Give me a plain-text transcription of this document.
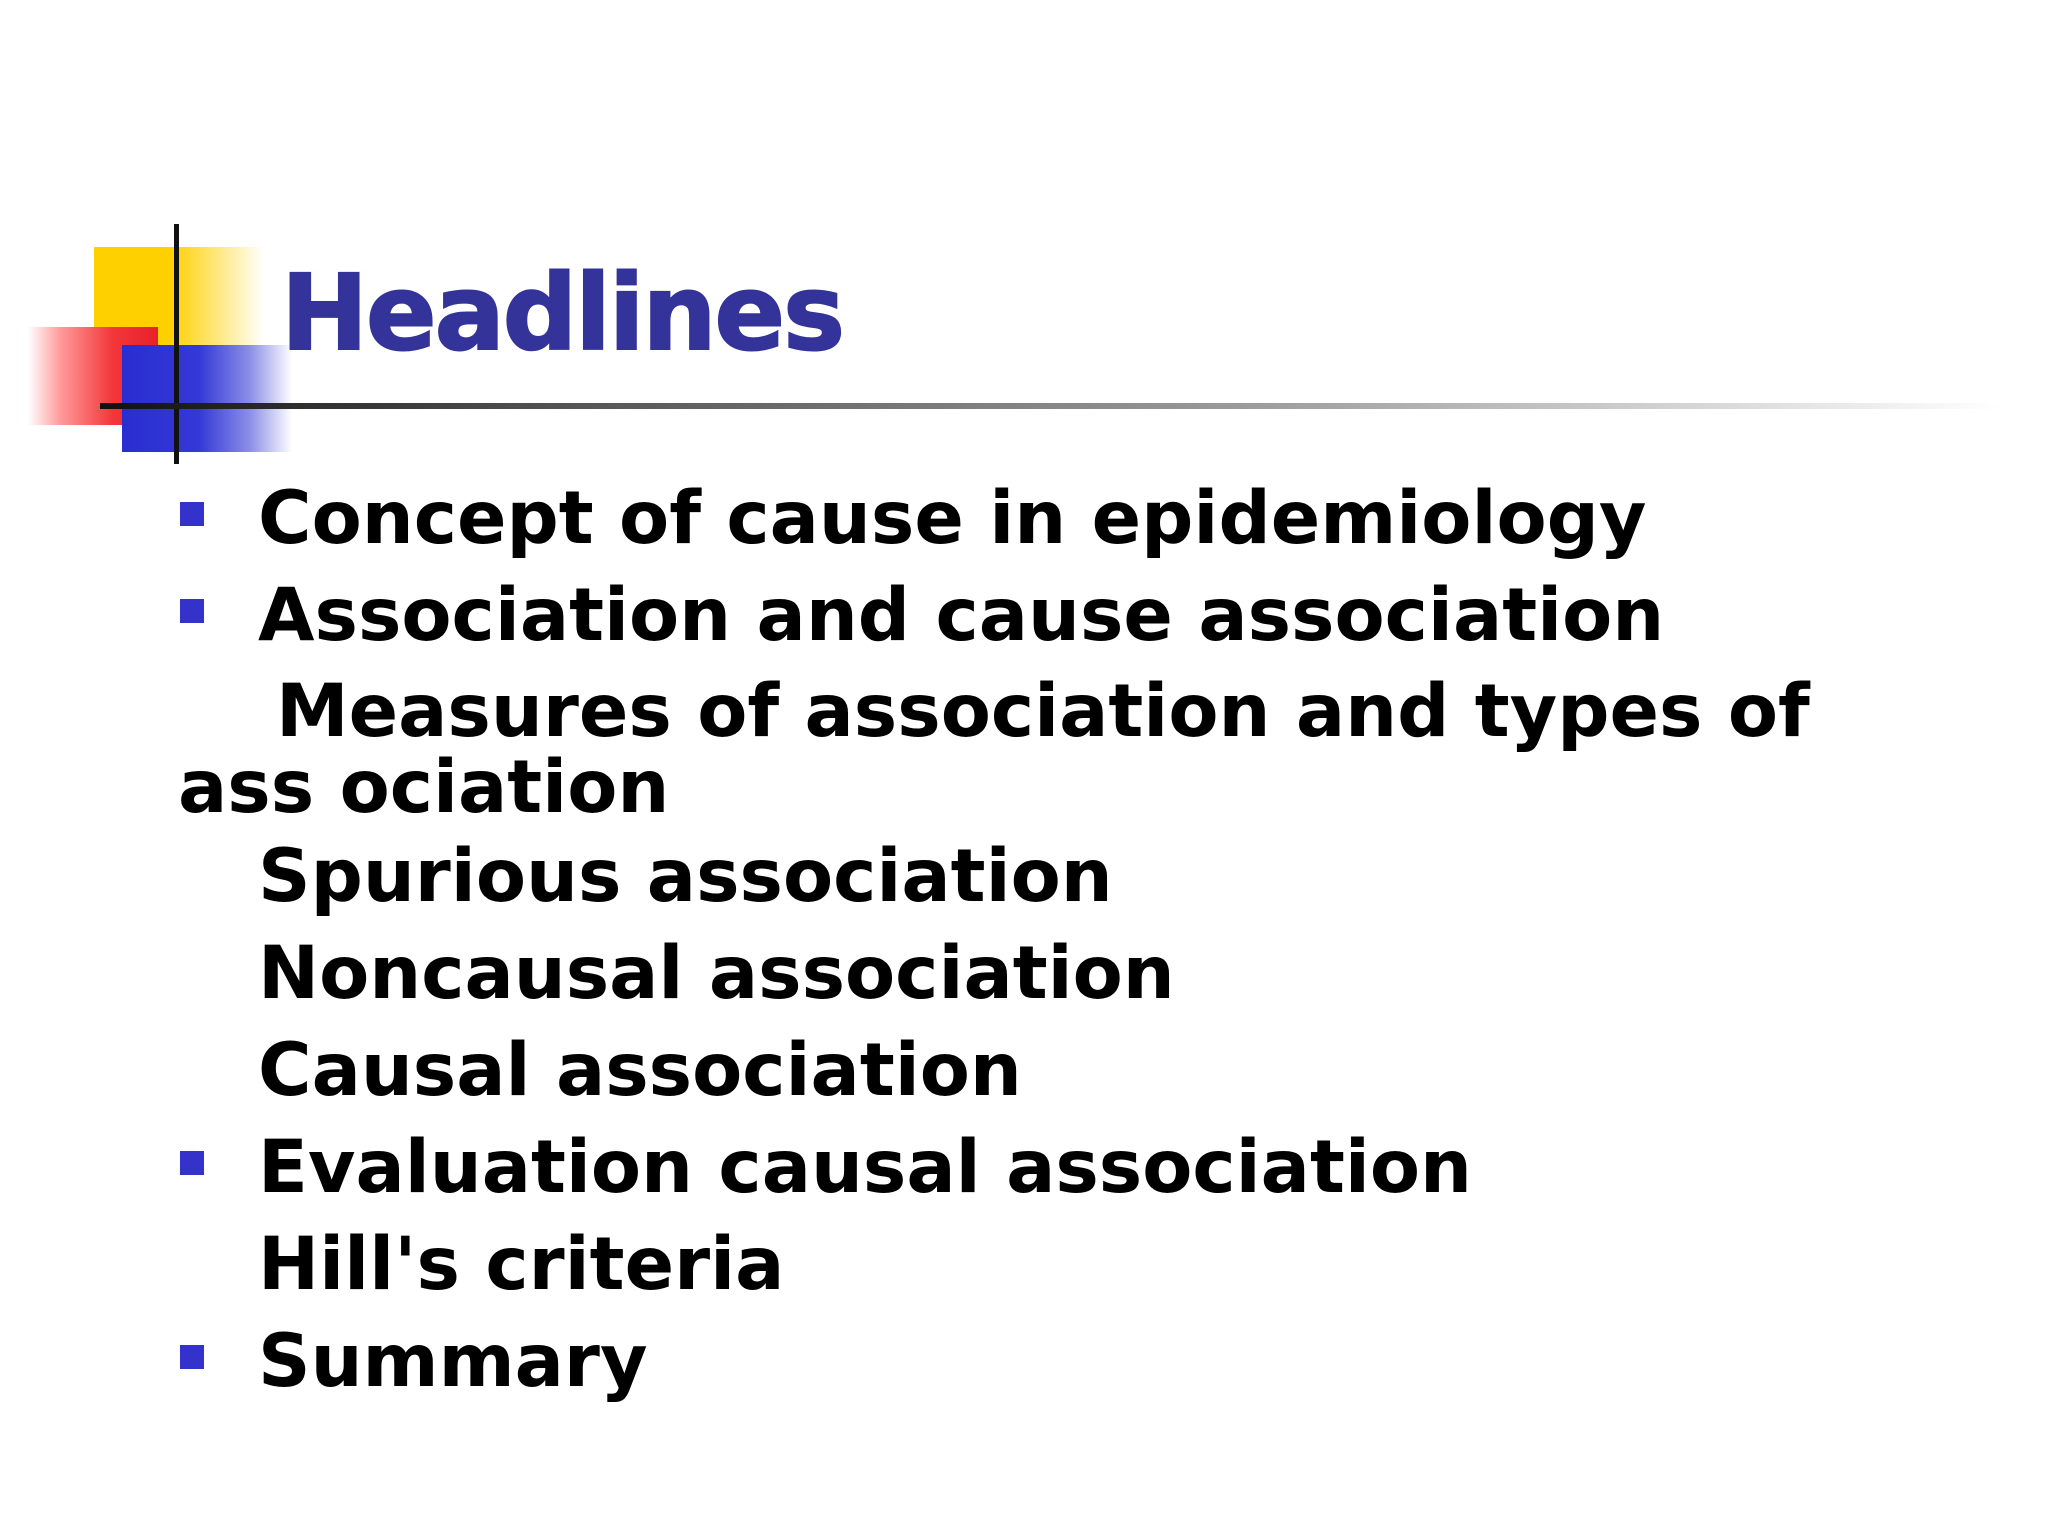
Headlines
Concept of cause in epidemiology
Association and cause association
Measures of association and types of ass ociation
Spurious association
Noncausal association
Causal association
Evaluation causal association
Hill's criteria
Summary
